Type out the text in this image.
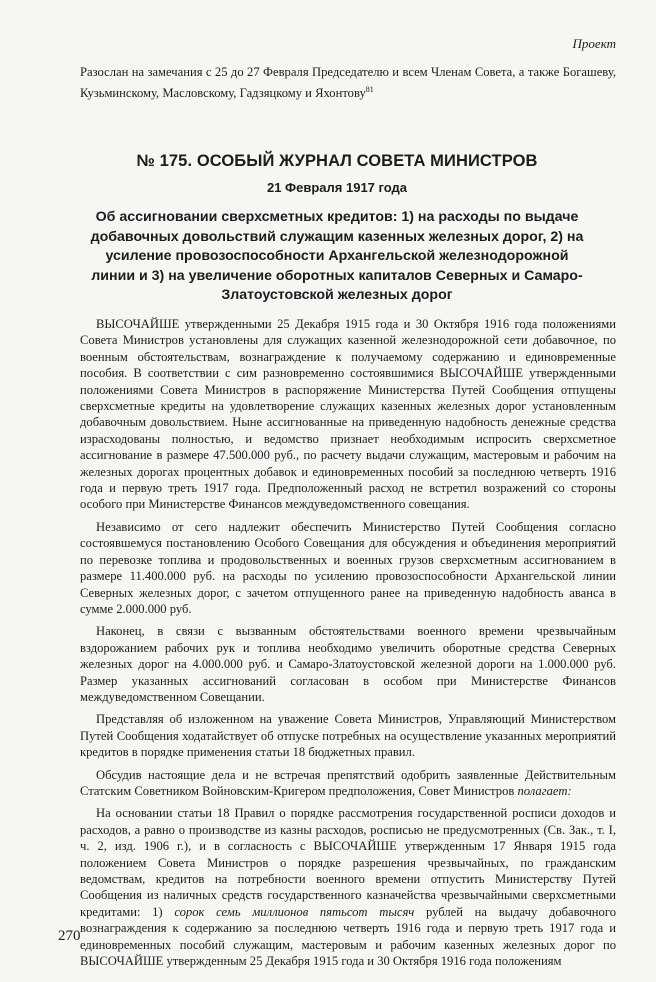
Проект
Разослан на замечания с 25 до 27 Февраля Председателю и всем Членам Совета, а также Богашеву, Кузьминскому, Масловскому, Гадзяцкому и Яхонтову$^{81}$
№ 175. ОСОБЫЙ ЖУРНАЛ СОВЕТА МИНИСТРОВ
21 Февраля 1917 года
Об ассигновании сверхсметных кредитов: 1) на расходы по выдаче добавочных довольствий служащим казенных железных дорог, 2) на усиление провозоспособности Архангельской железнодорожной линии и 3) на увеличение оборотных капиталов Северных и Самаро-Златоустовской железных дорог

ВЫСОЧАЙШЕ утвержденными 25 Декабря 1915 года и 30 Октября 1916 года положениями Совета Министров установлены для служащих казенной железнодорожной сети добавочное, по военным обстоятельствам, вознаграждение к получаемому содержанию и единовременные пособия. В соответствии с сим разновременно состоявшимися ВЫСОЧАЙШЕ утвержденными положениями Совета Министров в распоряжение Министерства Путей Сообщения отпущены сверхсметные кредиты на удовлетворение служащих казенных железных дорог установленным добавочным довольствием. Ныне ассигнованные на приведенную надобность денежные средства израсходованы полностью, и ведомство признает необходимым испросить сверхсметное ассигнование в размере 47.500.000 руб., по расчету выдачи служащим, мастеровым и рабочим на железных дорогах процентных добавок и единовременных пособий за последнюю четверть 1916 года и первую треть 1917 года. Предположенный расход не встретил возражений со стороны особого при Министерстве Финансов междуведомственного совещания.

Независимо от сего надлежит обеспечить Министерство Путей Сообщения согласно состоявшемуся постановлению Особого Совещания для обсуждения и объединения мероприятий по перевозке топлива и продовольственных и военных грузов сверхсметным ассигнованием в размере 11.400.000 руб. на расходы по усилению провозоспособности Архангельской линии Северных железных дорог, с зачетом отпущенного ранее на приведенную надобность аванса в сумме 2.000.000 руб.

Наконец, в связи с вызванным обстоятельствами военного времени чрезвычайным вздорожанием рабочих рук и топлива необходимо увеличить оборотные средства Северных железных дорог на 4.000.000 руб. и Самаро-Златоустовской железной дороги на 1.000.000 руб. Размер указанных ассигнований согласован в особом при Министерстве Финансов междуведомственном Совещании.

Представляя об изложенном на уважение Совета Министров, Управляющий Министерством Путей Сообщения ходатайствует об отпуске потребных на осуществление указанных мероприятий кредитов в порядке применения статьи 18 бюджетных правил.

Обсудив настоящие дела и не встречая препятствий одобрить заявленные Действительным Статским Советником Войновским-Кригером предположения, Совет Министров полагает:

На основании статьи 18 Правил о порядке рассмотрения государственной росписи доходов и расходов, а равно о производстве из казны расходов, росписью не предусмотренных (Св. Зак., т. I, ч. 2, изд. 1906 г.), и в согласность с ВЫСОЧАЙШЕ утвержденным 17 Января 1915 года положением Совета Министров о порядке разрешения чрезвычайных, по гражданским ведомствам, кредитов на потребности военного времени отпустить Министерству Путей Сообщения из наличных средств государственного казначейства чрезвычайными сверхсметными кредитами: 1) сорок семь миллионов пятьсот тысяч рублей на выдачу добавочного вознаграждения к содержанию за последнюю четверть 1916 года и первую треть 1917 года и единовременных пособий служащим, мастеровым и рабочим казенных железных дорог по ВЫСОЧАЙШЕ утвержденным 25 Декабря 1915 года и 30 Октября 1916 года положениям

270
